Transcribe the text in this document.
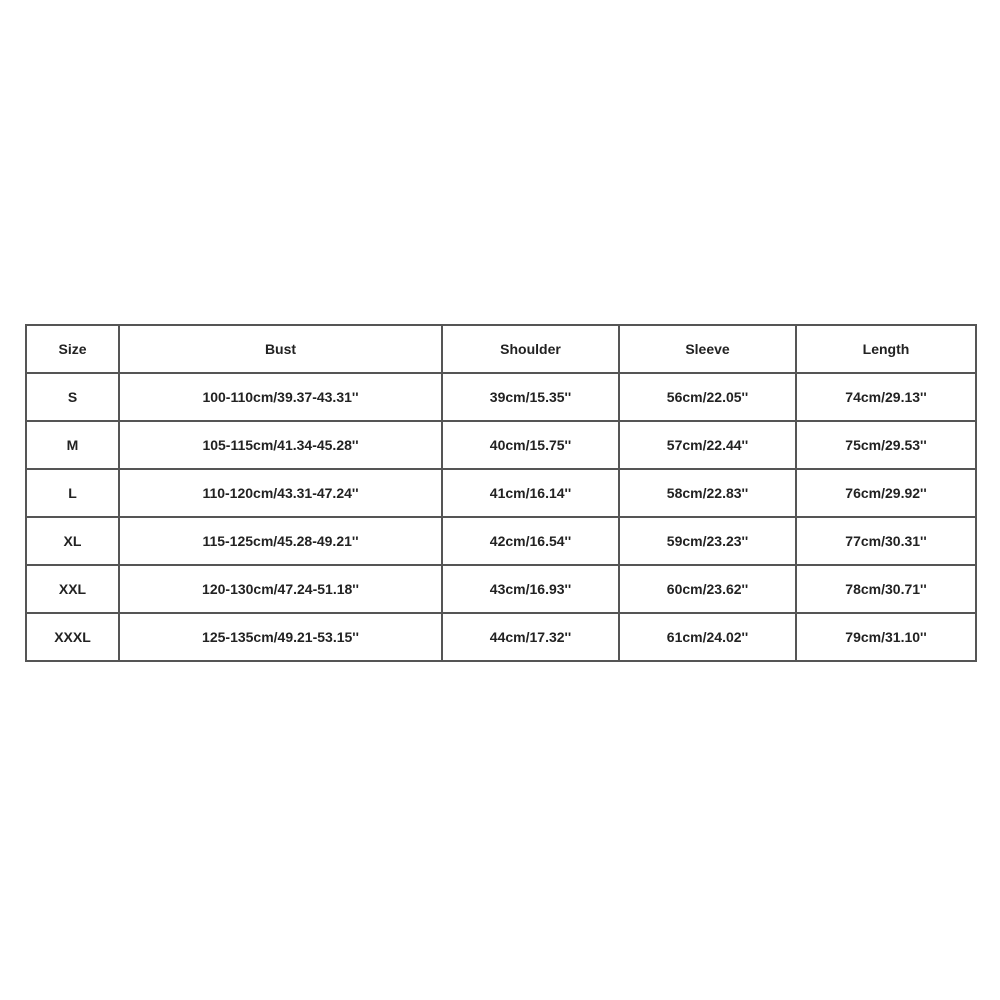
Size	Bust	Shoulder	Sleeve	Length
S	100-110cm/39.37-43.31''	39cm/15.35''	56cm/22.05''	74cm/29.13''
M	105-115cm/41.34-45.28''	40cm/15.75''	57cm/22.44''	75cm/29.53''
L	110-120cm/43.31-47.24''	41cm/16.14''	58cm/22.83''	76cm/29.92''
XL	115-125cm/45.28-49.21''	42cm/16.54''	59cm/23.23''	77cm/30.31''
XXL	120-130cm/47.24-51.18''	43cm/16.93''	60cm/23.62''	78cm/30.71''
XXXL	125-135cm/49.21-53.15''	44cm/17.32''	61cm/24.02''	79cm/31.10''
